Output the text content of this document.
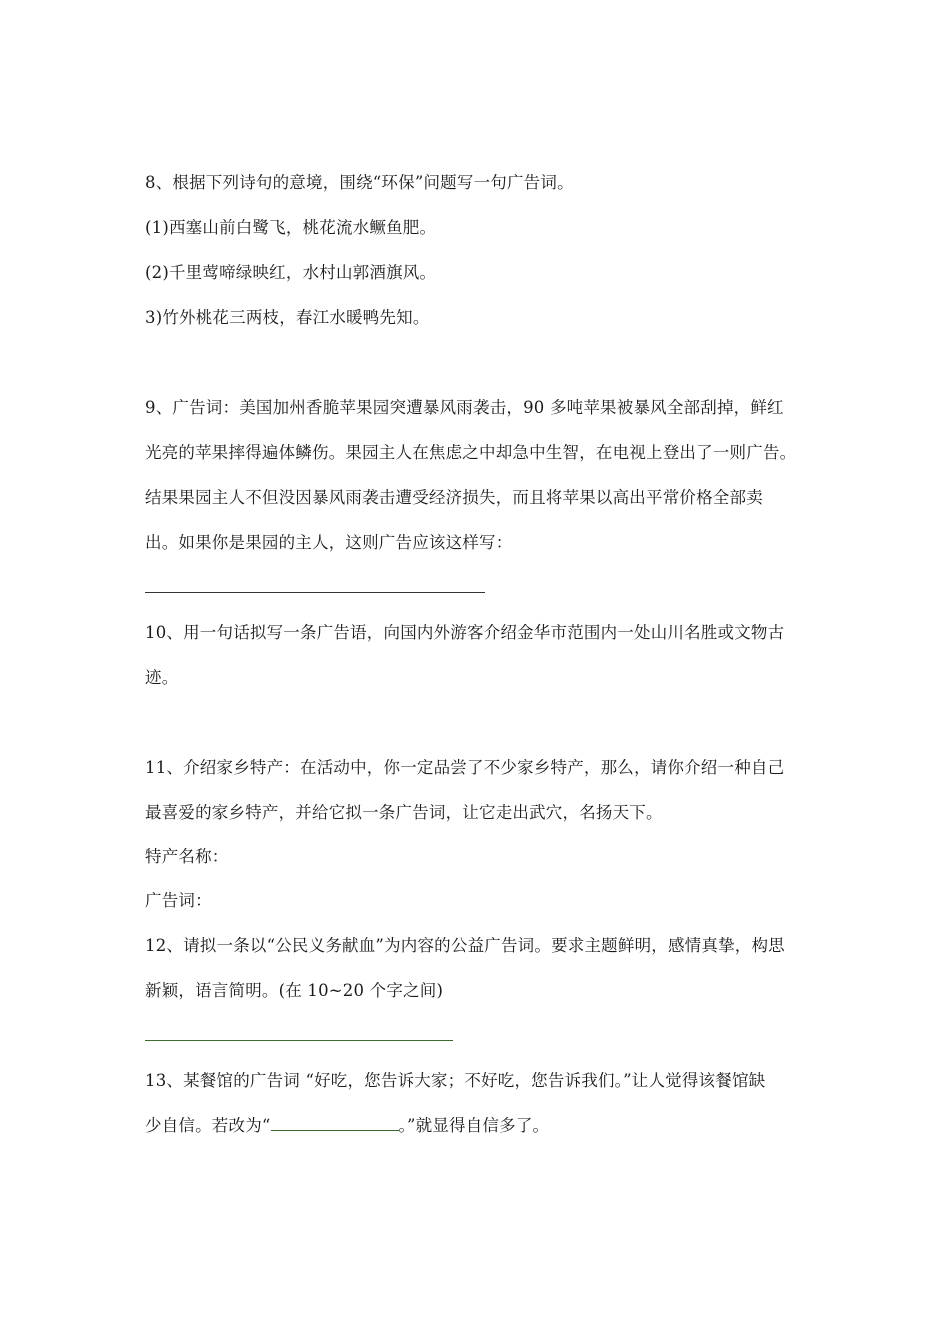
8、根据下列诗句的意境，围绕“环保”问题写一句广告词。

(1)西塞山前白鹭飞，桃花流水鳜鱼肥。

(2)千里莺啼绿映红，水村山郭酒旗风。

3)竹外桃花三两枝，春江水暖鸭先知。

9、广告词：美国加州香脆苹果园突遭暴风雨袭击，90 多吨苹果被暴风全部刮掉，鲜红

光亮的苹果摔得遍体鳞伤。果园主人在焦虑之中却急中生智，在电视上登出了一则广告。

结果果园主人不但没因暴风雨袭击遭受经济损失，而且将苹果以高出平常价格全部卖

出。如果你是果园的主人，这则广告应该这样写：

10、用一句话拟写一条广告语，向国内外游客介绍金华市范围内一处山川名胜或文物古

迹。

11、介绍家乡特产：在活动中，你一定品尝了不少家乡特产，那么，请你介绍一种自己

最喜爱的家乡特产，并给它拟一条广告词，让它走出武穴，名扬天下。

特产名称：

广告词：

12、请拟一条以“公民义务献血”为内容的公益广告词。要求主题鲜明，感情真挚，构思

新颖，语言简明。(在 10~20 个字之间)

13、某餐馆的广告词 “好吃，您告诉大家；不好吃，您告诉我们。”让人觉得该餐馆缺

少自信。若改为“	。”就显得自信多了。
